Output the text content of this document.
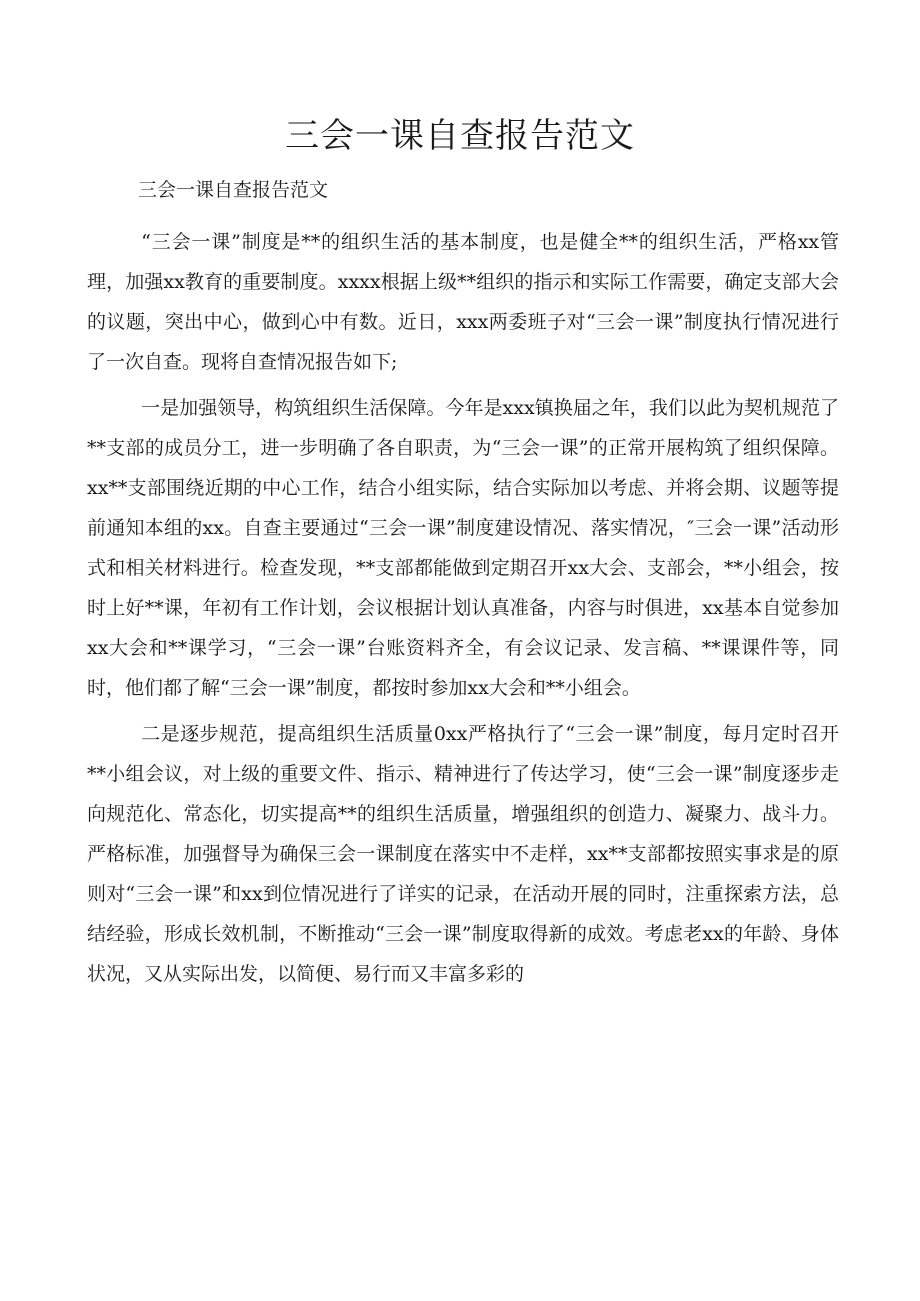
三会一课自查报告范文

三会一课自查报告范文

“三会一课”制度是**的组织生活的基本制度，也是健全**的组织生活，严格xx管理，加强xx教育的重要制度。xxxx根据上级**组织的指示和实际工作需要，确定支部大会的议题，突出中心，做到心中有数。近日，xxx两委班子对“三会一课”制度执行情况进行了一次自查。现将自查情况报告如下;

一是加强领导，构筑组织生活保障。今年是xxx镇换届之年，我们以此为契机规范了**支部的成员分工，进一步明确了各自职责，为“三会一课”的正常开展构筑了组织保障。xx**支部围绕近期的中心工作，结合小组实际，结合实际加以考虑、并将会期、议题等提前通知本组的xx。自查主要通过“三会一课”制度建设情况、落实情况，″三会一课”活动形式和相关材料进行。检查发现，**支部都能做到定期召开xx大会、支部会，**小组会，按时上好**课，年初有工作计划，会议根据计划认真准备，内容与时俱进，xx基本自觉参加xx大会和**课学习，“三会一课”台账资料齐全，有会议记录、发言稿、**课课件等，同时，他们都了解“三会一课”制度，都按时参加xx大会和**小组会。

二是逐步规范，提高组织生活质量0xx严格执行了“三会一课”制度，每月定时召开**小组会议，对上级的重要文件、指示、精神进行了传达学习，使“三会一课”制度逐步走向规范化、常态化，切实提高**的组织生活质量，增强组织的创造力、凝聚力、战斗力。严格标准，加强督导为确保三会一课制度在落实中不走样，xx**支部都按照实事求是的原则对“三会一课”和xx到位情况进行了详实的记录，在活动开展的同时，注重探索方法，总结经验，形成长效机制，不断推动“三会一课”制度取得新的成效。考虑老xx的年龄、身体状况，又从实际出发，以简便、易行而又丰富多彩的
